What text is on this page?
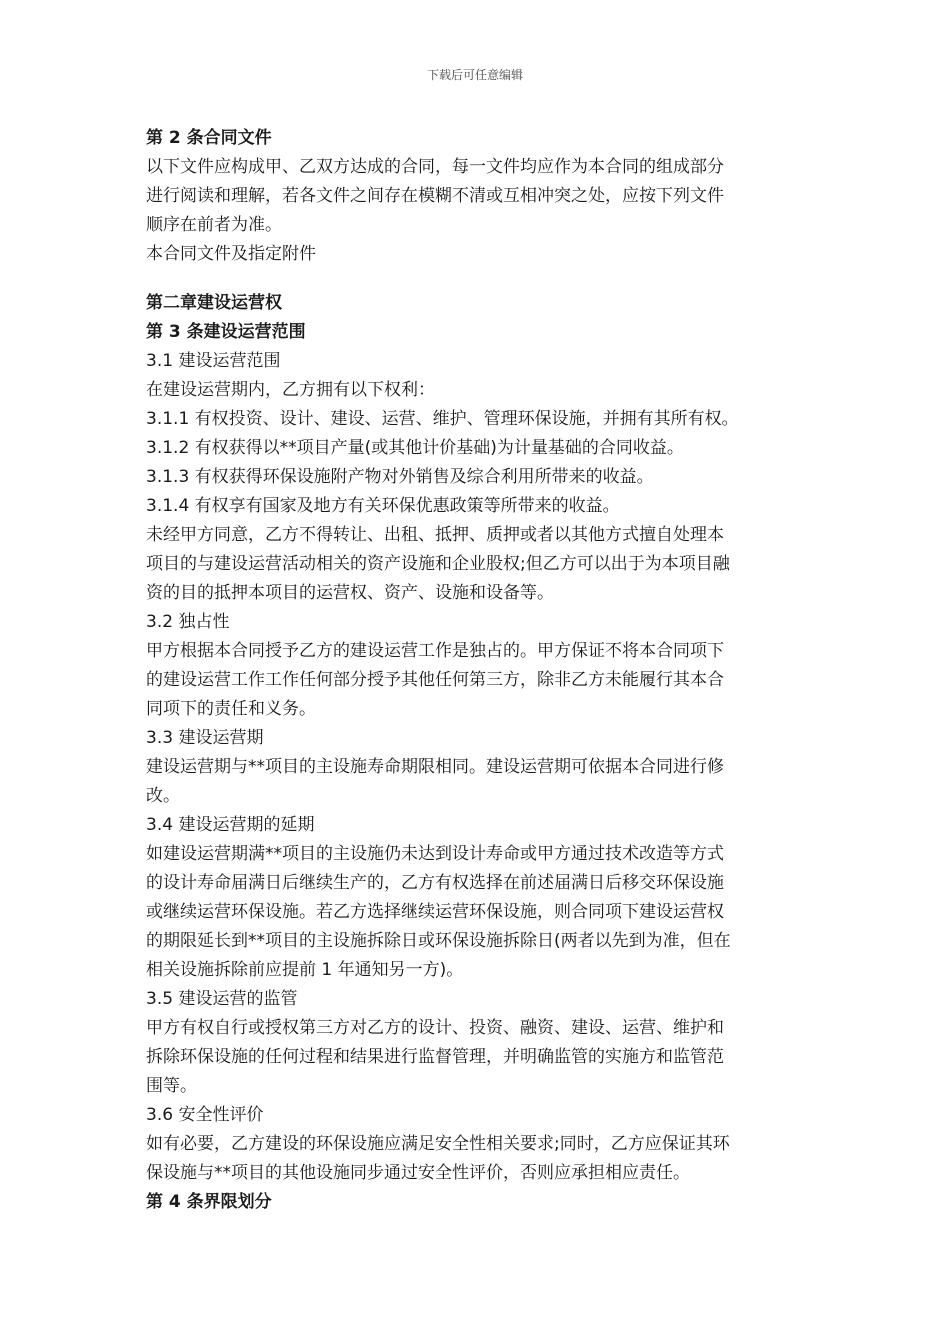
下载后可任意编辑
第 2 条合同文件
以下文件应构成甲、乙双方达成的合同，每一文件均应作为本合同的组成部分
进行阅读和理解，若各文件之间存在模糊不清或互相冲突之处，应按下列文件
顺序在前者为准。
本合同文件及指定附件
第二章建设运营权
第 3 条建设运营范围
3.1 建设运营范围
在建设运营期内，乙方拥有以下权利：
3.1.1 有权投资、设计、建设、运营、维护、管理环保设施，并拥有其所有权。
3.1.2 有权获得以**项目产量(或其他计价基础)为计量基础的合同收益。
3.1.3 有权获得环保设施附产物对外销售及综合利用所带来的收益。
3.1.4 有权享有国家及地方有关环保优惠政策等所带来的收益。
未经甲方同意，乙方不得转让、出租、抵押、质押或者以其他方式擅自处理本
项目的与建设运营活动相关的资产设施和企业股权;但乙方可以出于为本项目融
资的目的抵押本项目的运营权、资产、设施和设备等。
3.2 独占性
甲方根据本合同授予乙方的建设运营工作是独占的。甲方保证不将本合同项下
的建设运营工作工作任何部分授予其他任何第三方，除非乙方未能履行其本合
同项下的责任和义务。
3.3 建设运营期
建设运营期与**项目的主设施寿命期限相同。建设运营期可依据本合同进行修
改。
3.4 建设运营期的延期
如建设运营期满**项目的主设施仍未达到设计寿命或甲方通过技术改造等方式
的设计寿命届满日后继续生产的，乙方有权选择在前述届满日后移交环保设施
或继续运营环保设施。若乙方选择继续运营环保设施，则合同项下建设运营权
的期限延长到**项目的主设施拆除日或环保设施拆除日(两者以先到为准，但在
相关设施拆除前应提前 1 年通知另一方)。
3.5 建设运营的监管
甲方有权自行或授权第三方对乙方的设计、投资、融资、建设、运营、维护和
拆除环保设施的任何过程和结果进行监督管理，并明确监管的实施方和监管范
围等。
3.6 安全性评价
如有必要，乙方建设的环保设施应满足安全性相关要求;同时，乙方应保证其环
保设施与**项目的其他设施同步通过安全性评价，否则应承担相应责任。
第 4 条界限划分
